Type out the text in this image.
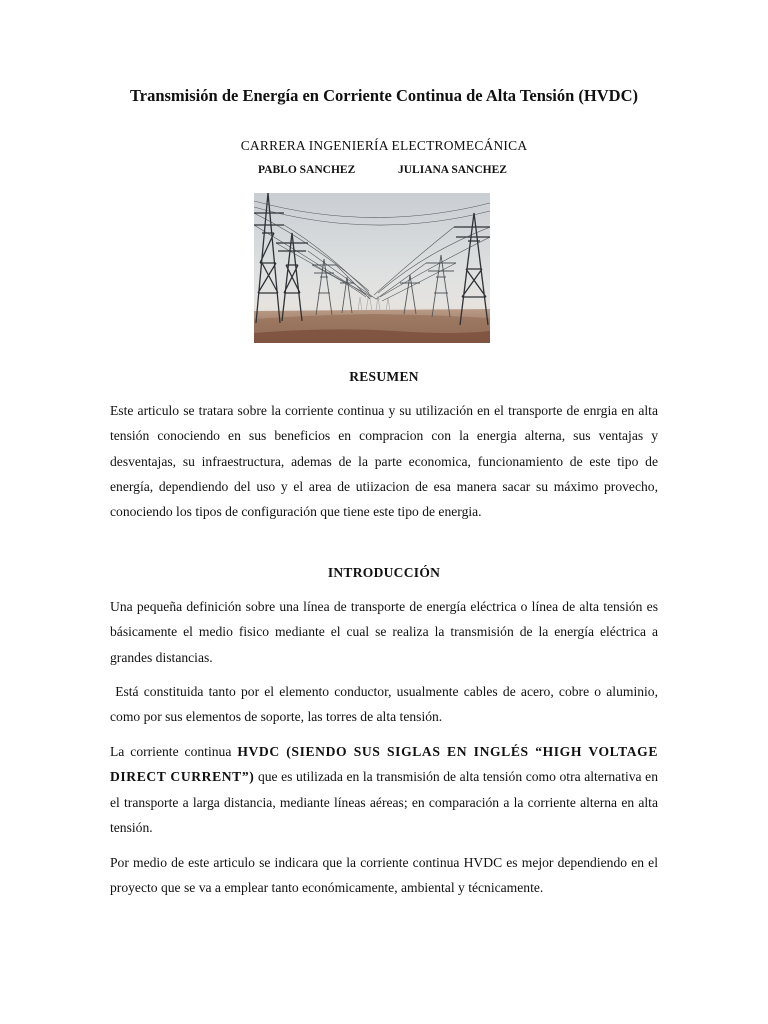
Transmisión de Energía en Corriente Continua de Alta Tensión (HVDC)

CARRERA INGENIERÍA ELECTROMECÁNICA

PABLO SANCHEZ	JULIANA SANCHEZ
RESUMEN

Este articulo se tratara sobre la corriente continua y su utilización en el transporte de enrgia en alta tensión conociendo en sus beneficios en compracion con la energia alterna, sus ventajas y desventajas, su infraestructura, ademas de la parte economica, funcionamiento de este tipo de energía, dependiendo del uso y el area de utiizacion de esa manera sacar su máximo provecho, conociendo los tipos de configuración que tiene este tipo de energia.

INTRODUCCIÓN

Una pequeña definición sobre una línea de transporte de energía eléctrica o línea de alta tensión es básicamente el medio fisico mediante el cual se realiza la transmisión de la energía eléctrica a grandes distancias.

Está constituida tanto por el elemento conductor, usualmente cables de acero, cobre o aluminio, como por sus elementos de soporte, las torres de alta tensión.

La corriente continua HVDC (SIENDO SUS SIGLAS EN INGLÉS “HIGH VOLTAGE DIRECT CURRENT”) que es utilizada en la transmisión de alta tensión como otra alternativa en el transporte a larga distancia, mediante líneas aéreas; en comparación a la corriente alterna en alta tensión.

Por medio de este articulo se indicara que la corriente continua HVDC es mejor dependiendo en el proyecto que se va a emplear tanto económicamente, ambiental y técnicamente.
